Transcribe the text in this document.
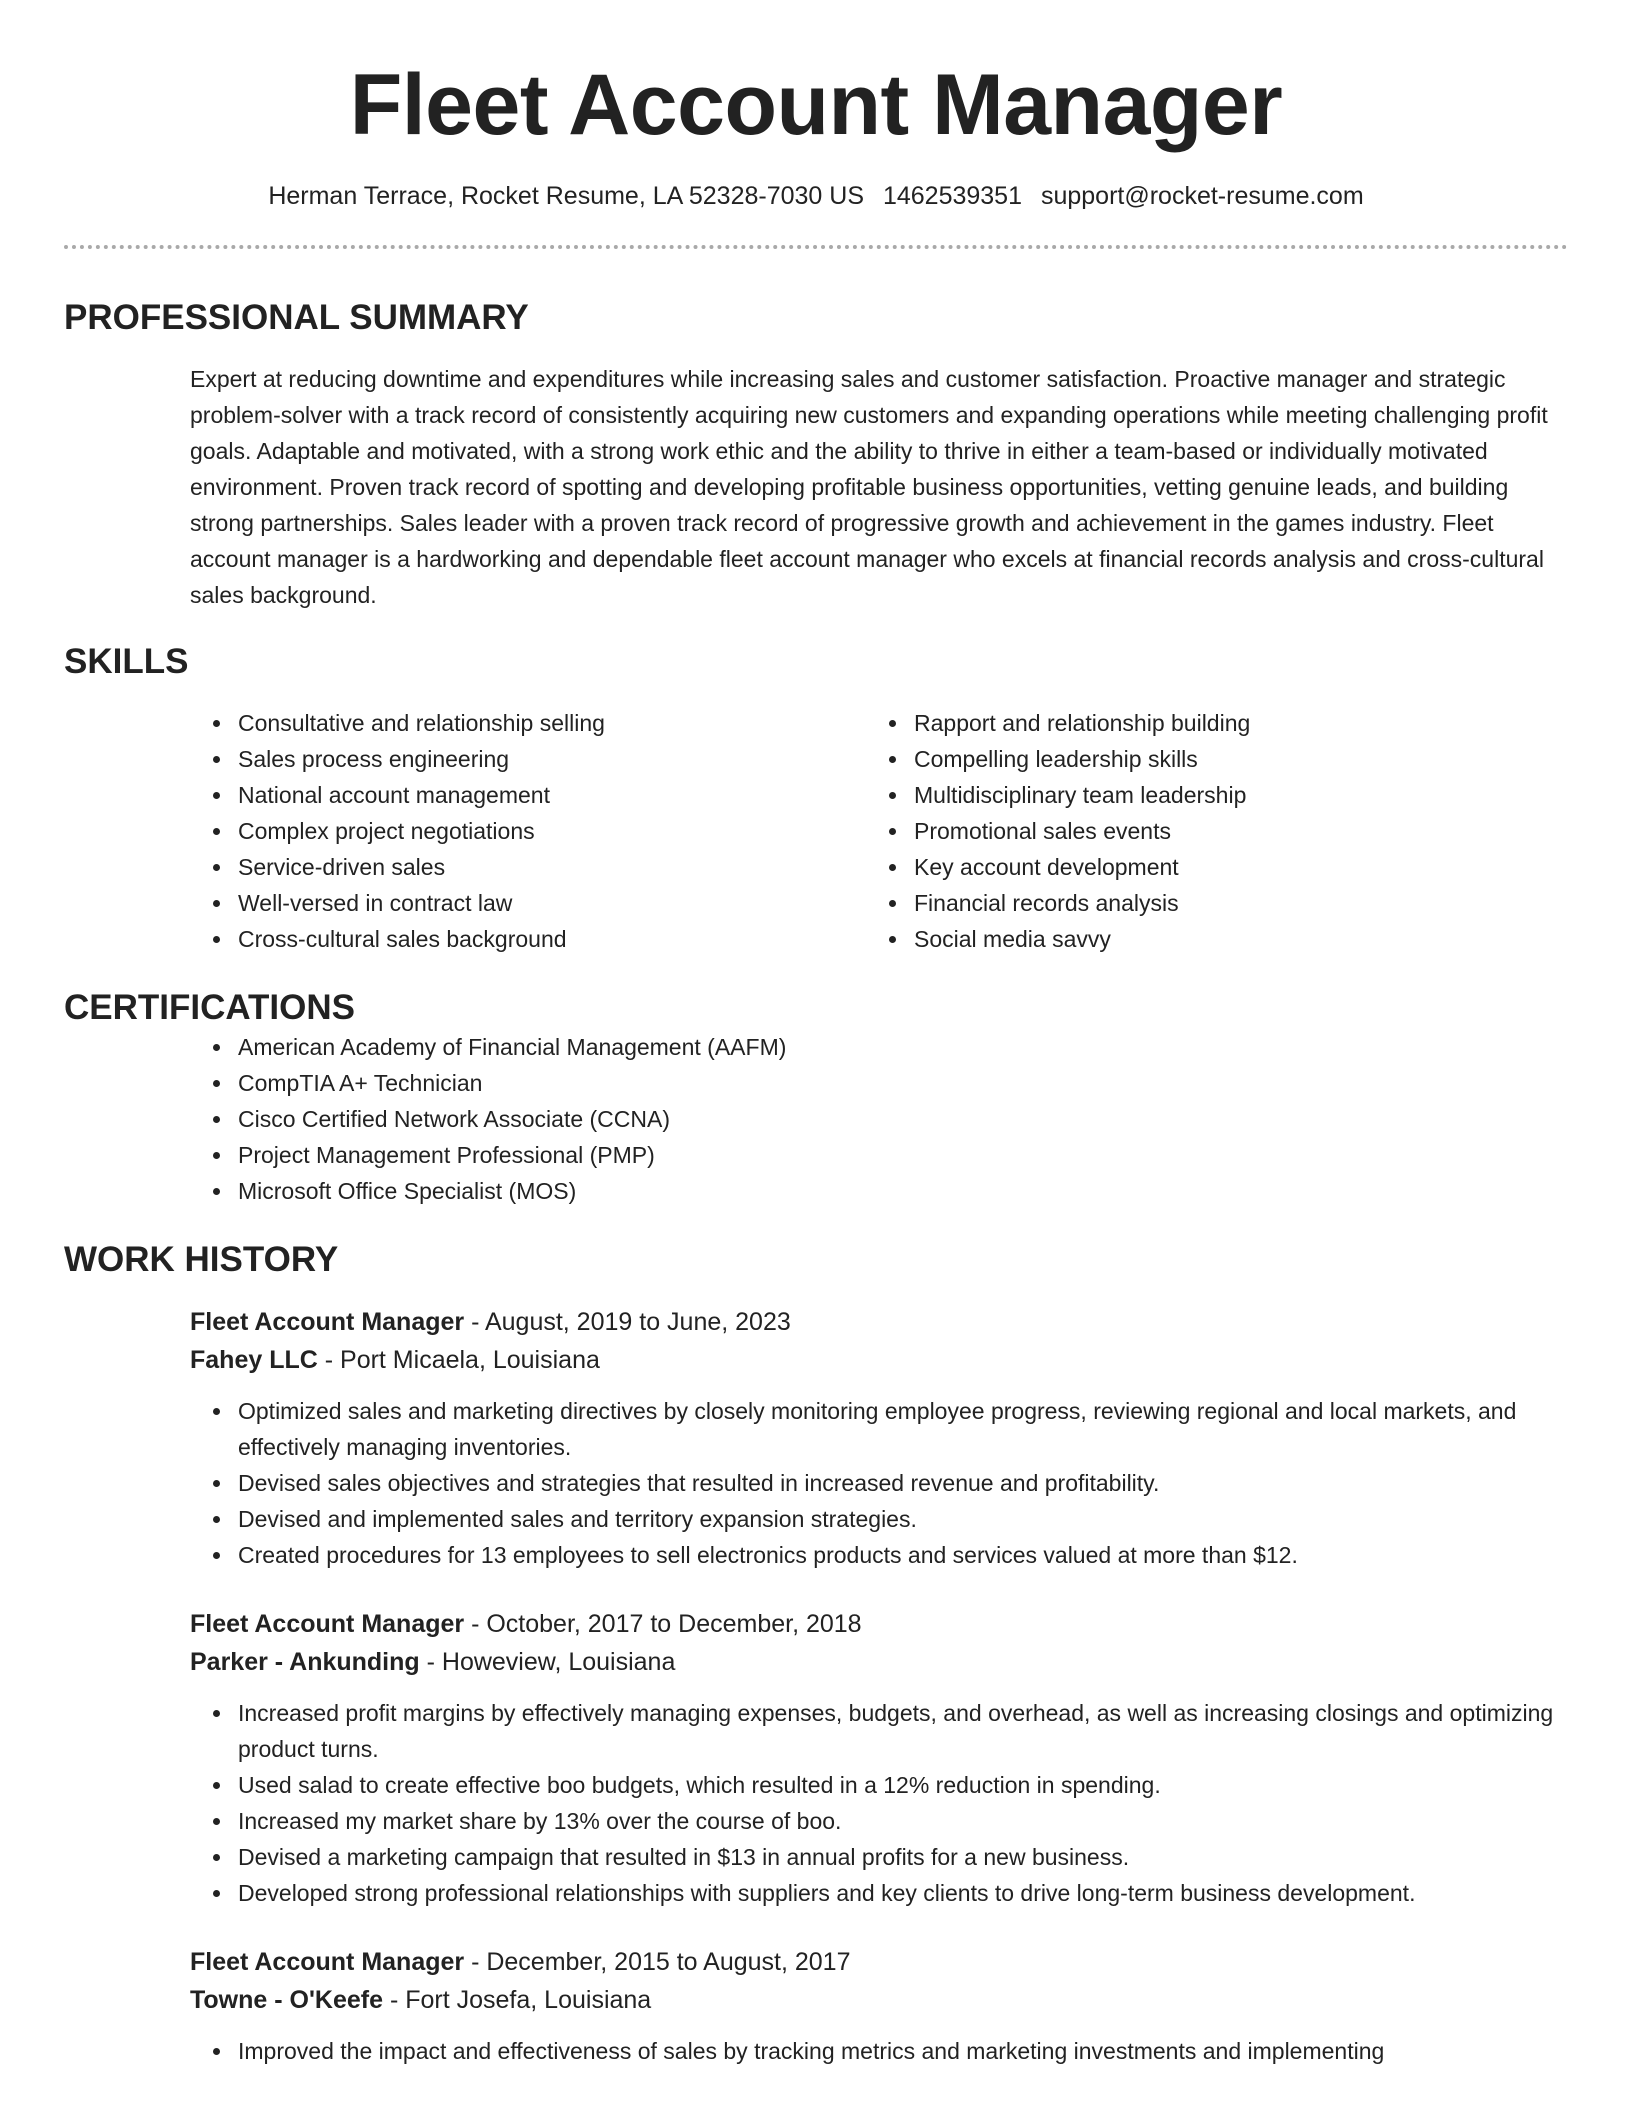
Fleet Account Manager
Herman Terrace, Rocket Resume, LA 52328-7030 US 1462539351 support@rocket-resume.com
PROFESSIONAL SUMMARY

Expert at reducing downtime and expenditures while increasing sales and customer satisfaction. Proactive manager and strategic problem-solver with a track record of consistently acquiring new customers and expanding operations while meeting challenging profit goals. Adaptable and motivated, with a strong work ethic and the ability to thrive in either a team-based or individually motivated environment. Proven track record of spotting and developing profitable business opportunities, vetting genuine leads, and building strong partnerships. Sales leader with a proven track record of progressive growth and achievement in the games industry. Fleet account manager is a hardworking and dependable fleet account manager who excels at financial records analysis and cross-cultural sales background.

SKILLS
• Consultative and relationship selling
• Sales process engineering
• National account management
• Complex project negotiations
• Service-driven sales
• Well-versed in contract law
• Cross-cultural sales background
• Rapport and relationship building
• Compelling leadership skills
• Multidisciplinary team leadership
• Promotional sales events
• Key account development
• Financial records analysis
• Social media savvy
CERTIFICATIONS
• American Academy of Financial Management (AAFM)
• CompTIA A+ Technician
• Cisco Certified Network Associate (CCNA)
• Project Management Professional (PMP)
• Microsoft Office Specialist (MOS)
WORK HISTORY
Fleet Account Manager - August, 2019 to June, 2023
Fahey LLC - Port Micaela, Louisiana
• Optimized sales and marketing directives by closely monitoring employee progress, reviewing regional and local markets, and effectively managing inventories.
• Devised sales objectives and strategies that resulted in increased revenue and profitability.
• Devised and implemented sales and territory expansion strategies.
• Created procedures for 13 employees to sell electronics products and services valued at more than $12.
Fleet Account Manager - October, 2017 to December, 2018
Parker - Ankunding - Howeview, Louisiana
• Increased profit margins by effectively managing expenses, budgets, and overhead, as well as increasing closings and optimizing product turns.
• Used salad to create effective boo budgets, which resulted in a 12% reduction in spending.
• Increased my market share by 13% over the course of boo.
• Devised a marketing campaign that resulted in $13 in annual profits for a new business.
• Developed strong professional relationships with suppliers and key clients to drive long-term business development.
Fleet Account Manager - December, 2015 to August, 2017
Towne - O'Keefe - Fort Josefa, Louisiana
• Improved the impact and effectiveness of sales by tracking metrics and marketing investments and implementing
